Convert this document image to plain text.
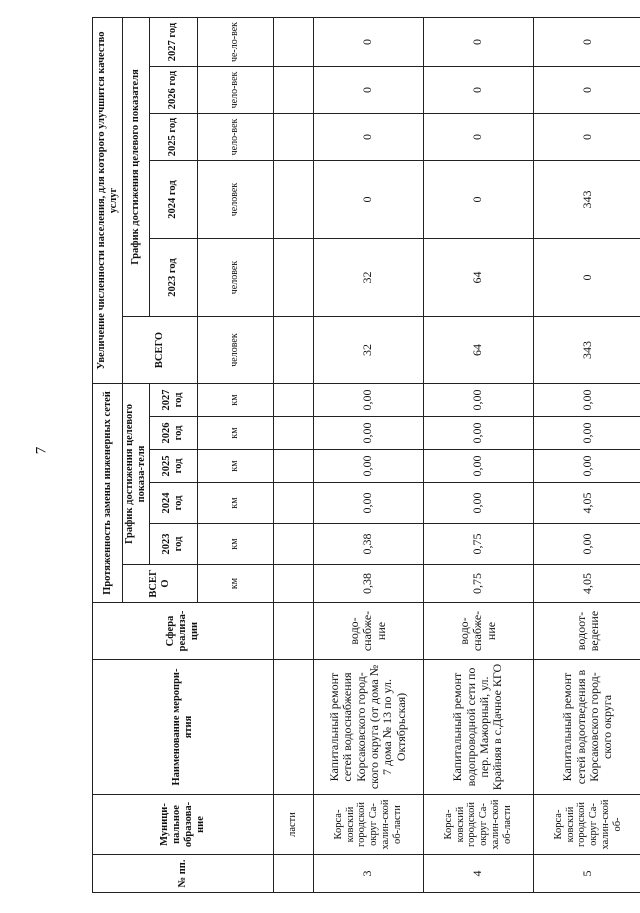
7
№ пп.	Муници-пальное образова-ние	Наименование меропри-ятия	Сфера реализа-ции	Протяженность замены инженерных сетей						Увеличение численности населения, для которого улучшится качество услуг					
				ВСЕГ О	График достижения целевого показа-теля					ВСЕГО	График достижения целевого показателя				
					2023 год	2024 год	2025 год	2026 год	2027 год		2023 год	2024 год	2025 год	2026 год	2027 год
				км	км	км	км	км	км	человек	человек	человек	чело-век	чело-век	че-ло-век
	ласти														
3	Корса-ковский городской округ Са-халин-ской об-ласти	Капитальный ремонт сетей водоснабжения Корсаковского город-ского округа (от дома № 7 дома № 13 по ул. Октябрьская)	водо-снабже-ние	0,38	0,38	0,00	0,00	0,00	0,00	32	32	0	0	0	0
4	Корса-ковский городской округ Са-халин-ской об-ласти	Капитальный ремонт водопроводной сети по пер. Мажорный, ул. Крайняя в с.Дачное КГО	водо-снабже-ние	0,75	0,75	0,00	0,00	0,00	0,00	64	64	0	0	0	0
5	Корса-ковский городской округ Са-халин-ской об-	Капитальный ремонт сетей водоотведения в Корсаковского город-ского округа	водоот-ведение	4,05	0,00	4,05	0,00	0,00	0,00	343	0	343	0	0	0
